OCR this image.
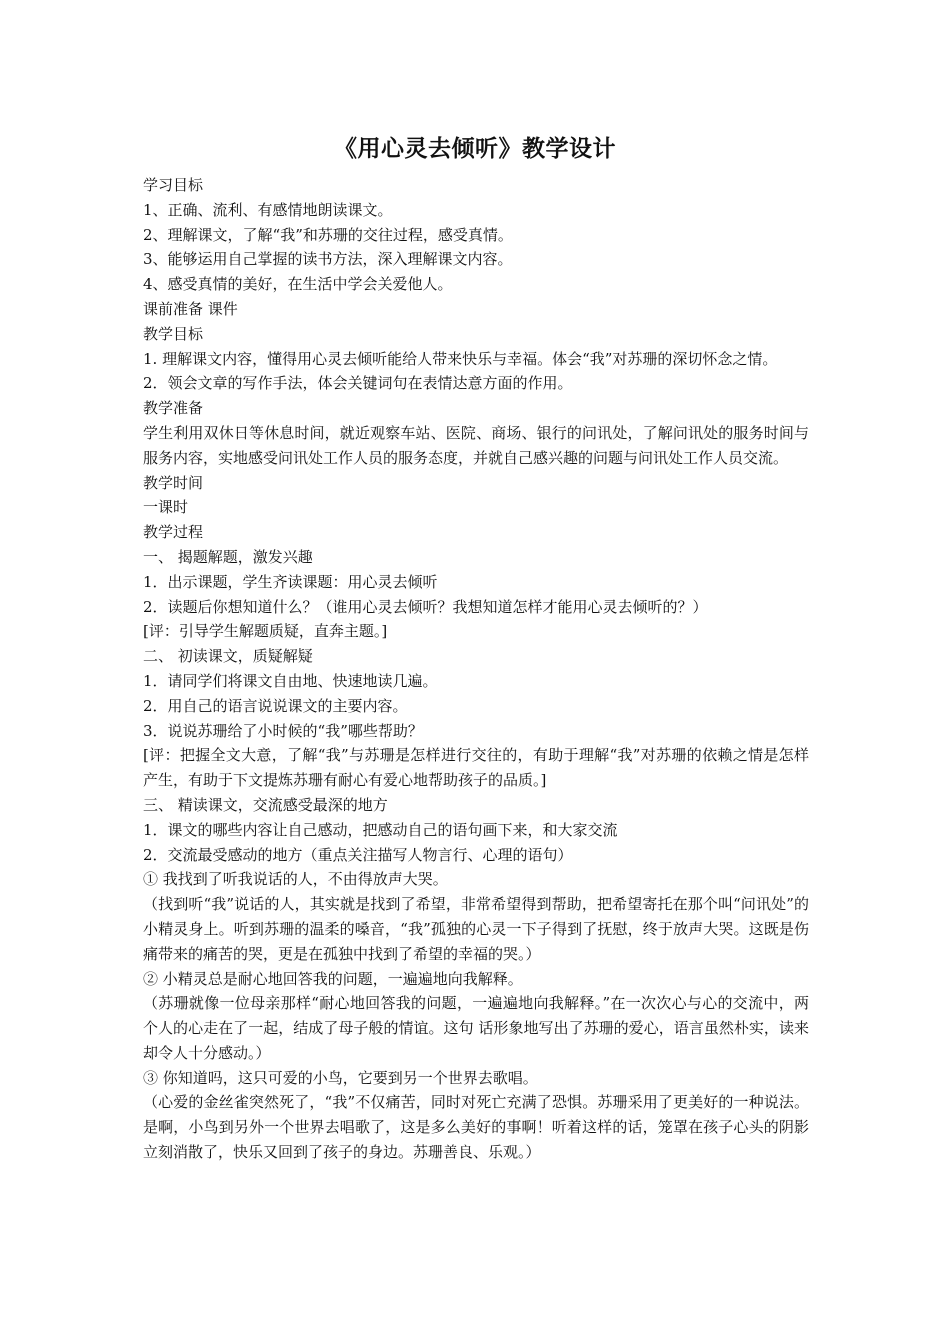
《用心灵去倾听》教学设计

学习目标

1、正确、流利、有感情地朗读课文。

2、理解课文，了解“我”和苏珊的交往过程，感受真情。

3、能够运用自己掌握的读书方法，深入理解课文内容。

4、感受真情的美好，在生活中学会关爱他人。

课前准备 课件

教学目标

1. 理解课文内容，懂得用心灵去倾听能给人带来快乐与幸福。体会“我”对苏珊的深切怀念之情。

2．领会文章的写作手法，体会关键词句在表情达意方面的作用。

教学准备

学生利用双休日等休息时间，就近观察车站、医院、商场、银行的问讯处，了解问讯处的服务时间与服务内容，实地感受问讯处工作人员的服务态度，并就自己感兴趣的问题与问讯处工作人员交流。

教学时间

一课时

教学过程

一、 揭题解题，激发兴趣

1．出示课题，学生齐读课题：用心灵去倾听

2．读题后你想知道什么？（谁用心灵去倾听？我想知道怎样才能用心灵去倾听的？）

[评：引导学生解题质疑，直奔主题。]

二、 初读课文，质疑解疑

1．请同学们将课文自由地、快速地读几遍。

2．用自己的语言说说课文的主要内容。

3．说说苏珊给了小时候的“我”哪些帮助？

[评：把握全文大意，了解“我”与苏珊是怎样进行交往的，有助于理解“我”对苏珊的依赖之情是怎样产生，有助于下文提炼苏珊有耐心有爱心地帮助孩子的品质。]

三、 精读课文，交流感受最深的地方

1．课文的哪些内容让自己感动，把感动自己的语句画下来，和大家交流

2．交流最受感动的地方（重点关注描写人物言行、心理的语句）

① 我找到了听我说话的人，不由得放声大哭。

（找到听“我”说话的人，其实就是找到了希望，非常希望得到帮助，把希望寄托在那个叫“问讯处”的小精灵身上。听到苏珊的温柔的嗓音，“我”孤独的心灵一下子得到了抚慰，终于放声大哭。这既是伤痛带来的痛苦的哭，更是在孤独中找到了希望的幸福的哭。）

② 小精灵总是耐心地回答我的问题，一遍遍地向我解释。

（苏珊就像一位母亲那样“耐心地回答我的问题，一遍遍地向我解释。”在一次次心与心的交流中，两个人的心走在了一起，结成了母子般的情谊。这句 话形象地写出了苏珊的爱心，语言虽然朴实，读来却令人十分感动。）

③ 你知道吗，这只可爱的小鸟，它要到另一个世界去歌唱。

（心爱的金丝雀突然死了，“我”不仅痛苦，同时对死亡充满了恐惧。苏珊采用了更美好的一种说法。是啊，小鸟到另外一个世界去唱歌了，这是多么美好的事啊！听着这样的话，笼罩在孩子心头的阴影立刻消散了，快乐又回到了孩子的身边。苏珊善良、乐观。）
